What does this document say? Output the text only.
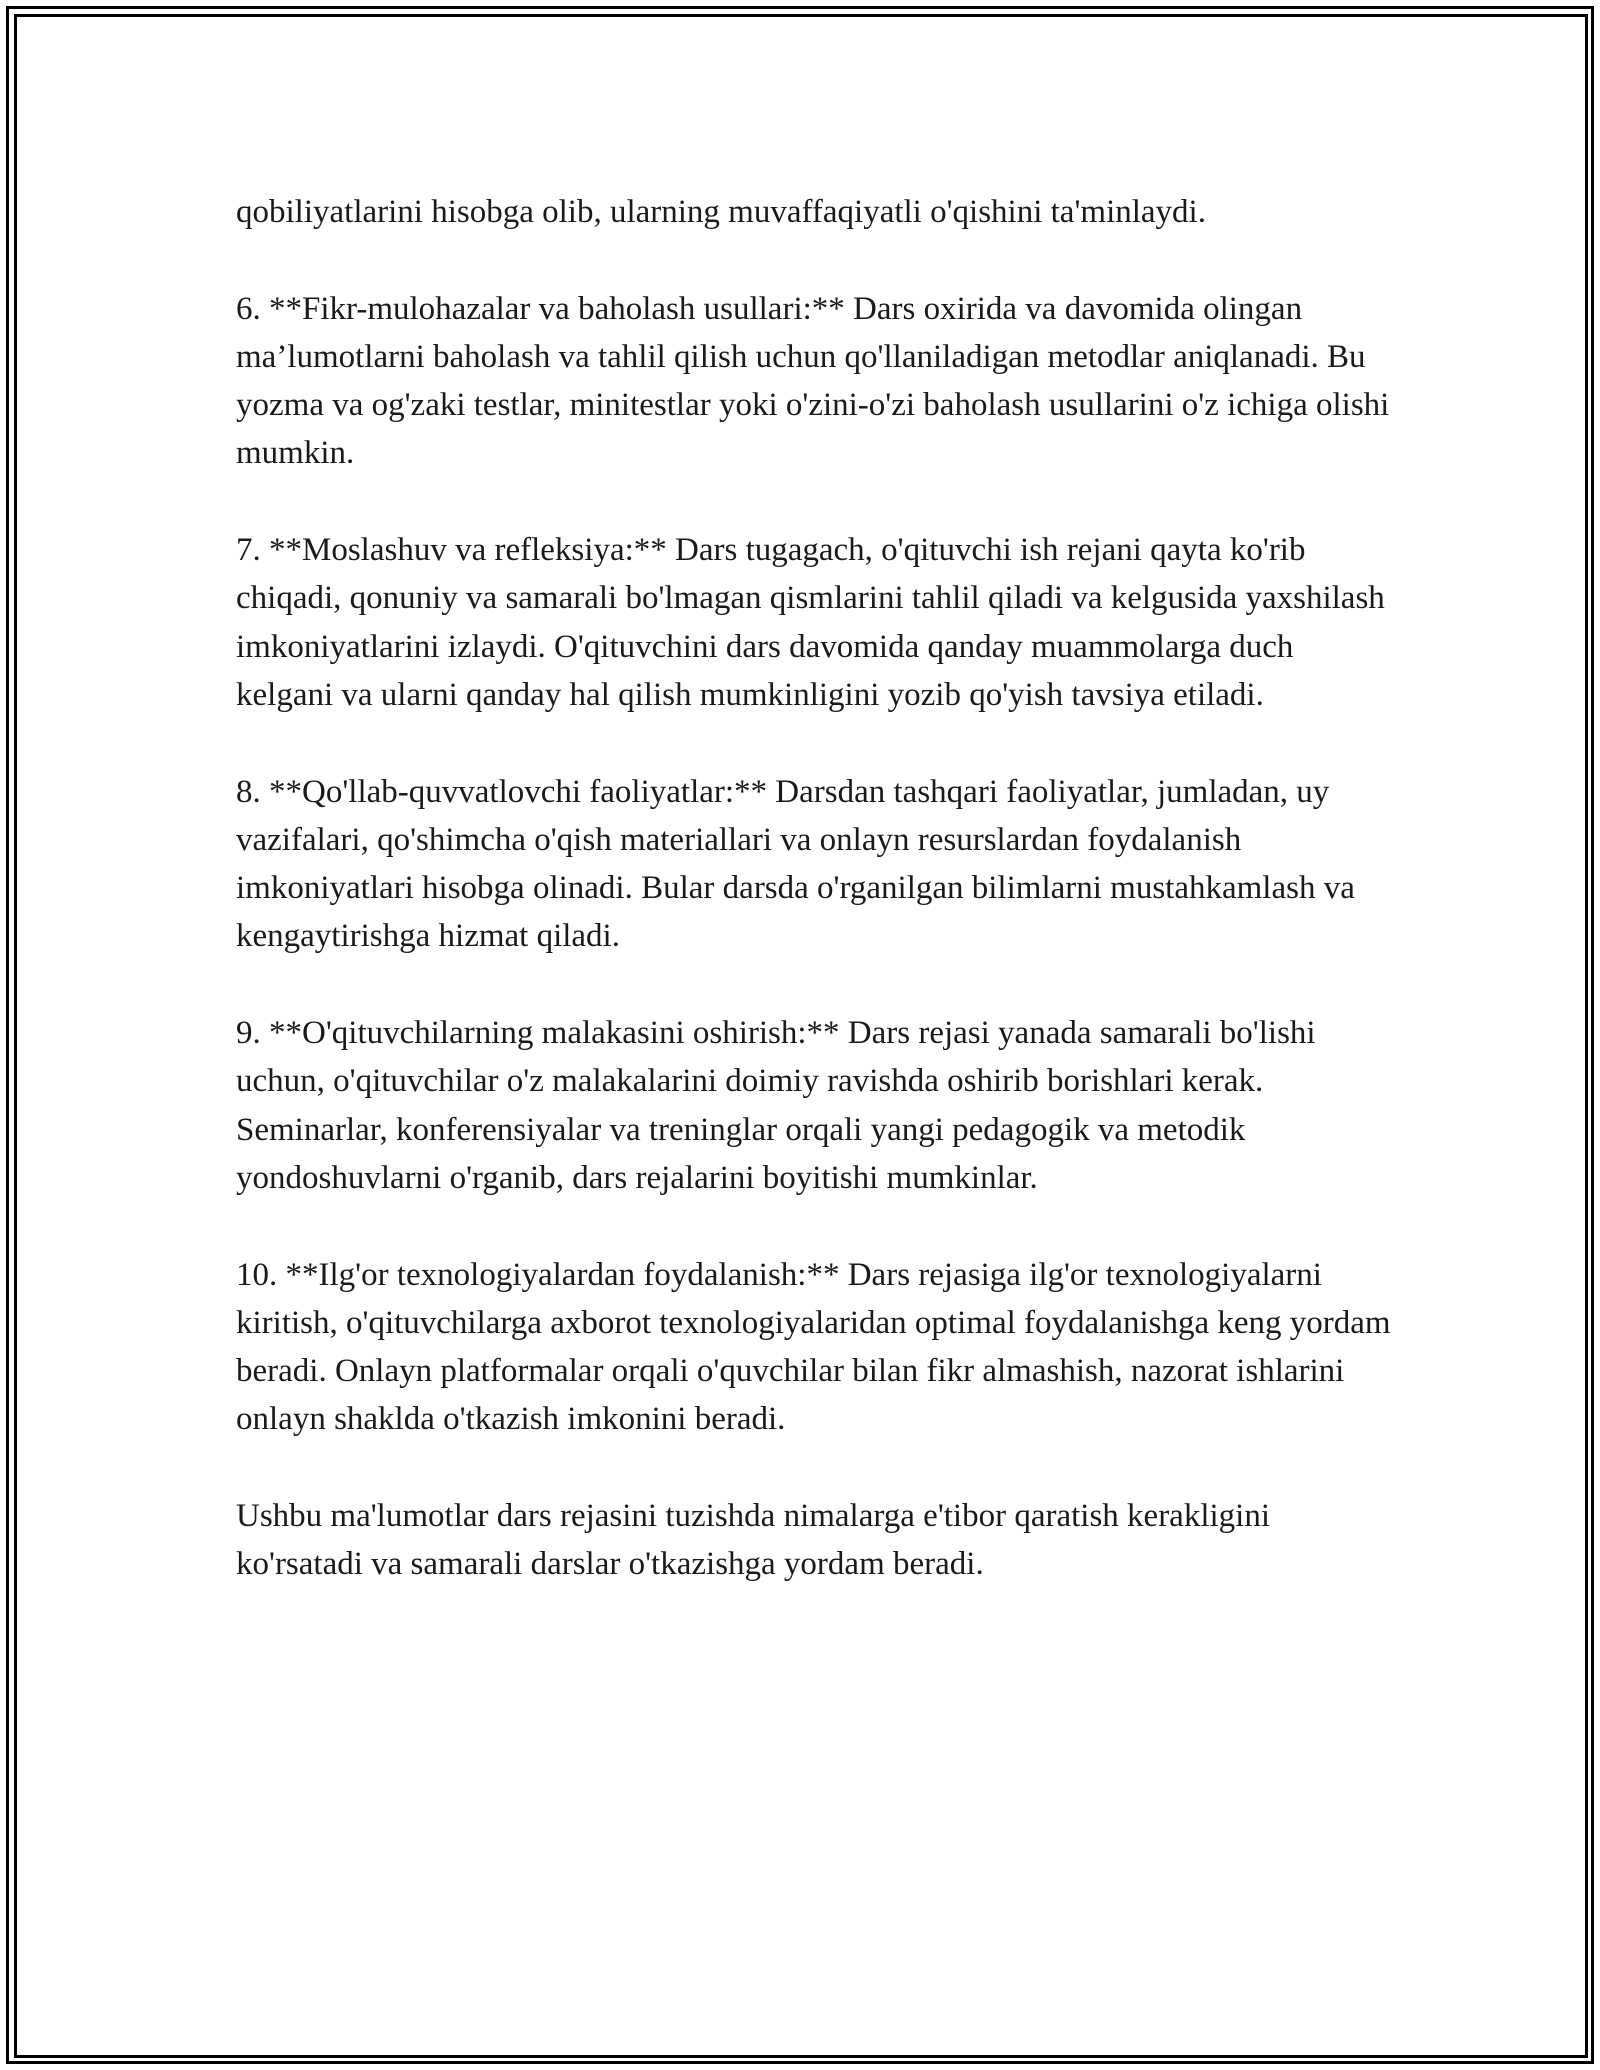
qobiliyatlarini hisobga olib, ularning muvaffaqiyatli o'qishini ta'minlaydi.

6. **Fikr-mulohazalar va baholash usullari:** Dars oxirida va davomida olingan ma’lumotlarni baholash va tahlil qilish uchun qo'llaniladigan metodlar aniqlanadi. Bu yozma va og'zaki testlar, minitestlar yoki o'zini-o'zi baholash usullarini o'z ichiga olishi mumkin.

7. **Moslashuv va refleksiya:** Dars tugagach, o'qituvchi ish rejani qayta ko'rib chiqadi, qonuniy va samarali bo'lmagan qismlarini tahlil qiladi va kelgusida yaxshilash imkoniyatlarini izlaydi. O'qituvchini dars davomida qanday muammolarga duch kelgani va ularni qanday hal qilish mumkinligini yozib qo'yish tavsiya etiladi.

8. **Qo'llab-quvvatlovchi faoliyatlar:** Darsdan tashqari faoliyatlar, jumladan, uy vazifalari, qo'shimcha o'qish materiallari va onlayn resurslardan foydalanish imkoniyatlari hisobga olinadi. Bular darsda o'rganilgan bilimlarni mustahkamlash va kengaytirishga hizmat qiladi.

9. **O'qituvchilarning malakasini oshirish:** Dars rejasi yanada samarali bo'lishi uchun, o'qituvchilar o'z malakalarini doimiy ravishda oshirib borishlari kerak. Seminarlar, konferensiyalar va treninglar orqali yangi pedagogik va metodik yondoshuvlarni o'rganib, dars rejalarini boyitishi mumkinlar.

10. **Ilg'or texnologiyalardan foydalanish:** Dars rejasiga ilg'or texnologiyalarni kiritish, o'qituvchilarga axborot texnologiyalaridan optimal foydalanishga keng yordam beradi. Onlayn platformalar orqali o'quvchilar bilan fikr almashish, nazorat ishlarini onlayn shaklda o'tkazish imkonini beradi.

Ushbu ma'lumotlar dars rejasini tuzishda nimalarga e'tibor qaratish kerakligini ko'rsatadi va samarali darslar o'tkazishga yordam beradi.
